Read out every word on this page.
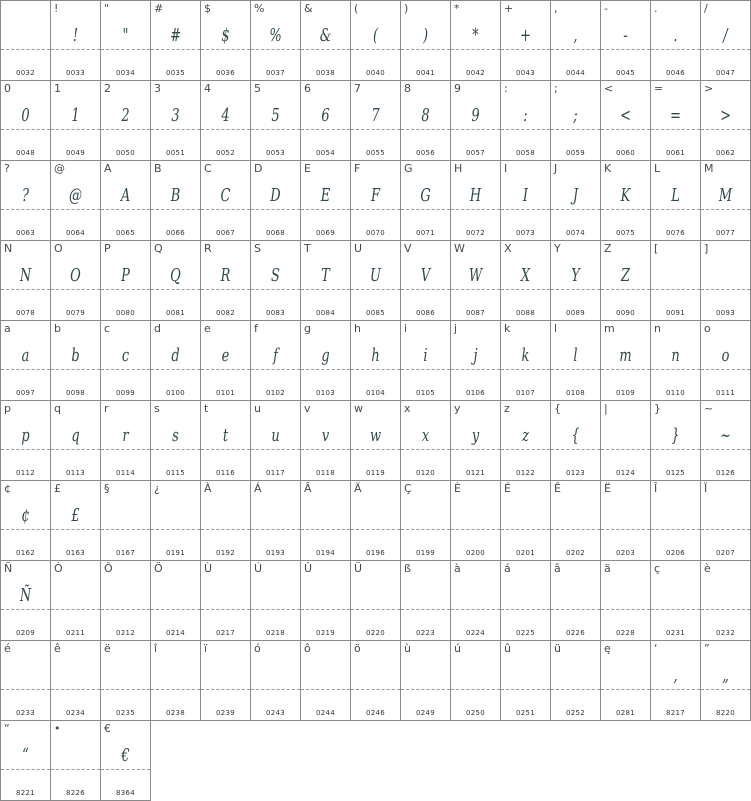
0032
!
!
0033
"
"
0034
#
#
0035
$
$
0036
%
%
0037
&
&
0038
(
(
0040
)
)
0041
*
*
0042
+
+
0043
,
,
0044
-
-
0045
.
.
0046
/
/
0047
0
0
0048
1
1
0049
2
2
0050
3
3
0051
4
4
0052
5
5
0053
6
6
0054
7
7
0055
8
8
0056
9
9
0057
:
:
0058
;
;
0059
<
<
0060
=
=
0061
>
>
0062
?
?
0063
@
@
0064
A
A
0065
B
B
0066
C
C
0067
D
D
0068
E
E
0069
F
F
0070
G
G
0071
H
H
0072
I
I
0073
J
J
0074
K
K
0075
L
L
0076
M
M
0077
N
N
0078
O
O
0079
P
P
0080
Q
Q
0081
R
R
0082
S
S
0083
T
T
0084
U
U
0085
V
V
0086
W
W
0087
X
X
0088
Y
Y
0089
Z
Z
0090
[
0091
]
0093
a
a
0097
b
b
0098
c
c
0099
d
d
0100
e
e
0101
f
f
0102
g
g
0103
h
h
0104
i
i
0105
j
j
0106
k
k
0107
l
l
0108
m
m
0109
n
n
0110
o
o
0111
p
p
0112
q
q
0113
r
r
0114
s
s
0115
t
t
0116
u
u
0117
v
v
0118
w
w
0119
x
x
0120
y
y
0121
z
z
0122
{
{
0123
|
0124
}
}
0125
~
~
0126
¢
¢
0162
£
£
0163
§
0167
¿
0191
À
0192
Á
0193
Â
0194
Ä
0196
Ç
0199
È
0200
É
0201
Ê
0202
Ë
0203
Î
0206
Ï
0207
Ñ
Ñ
0209
Ó
0211
Ô
0212
Ö
0214
Ù
0217
Ú
0218
Û
0219
Ü
0220
ß
0223
à
0224
á
0225
â
0226
ä
0228
ç
0231
è
0232
é
0233
ê
0234
ë
0235
î
0238
ï
0239
ó
0243
ô
0244
ö
0246
ù
0249
ú
0250
û
0251
ü
0252
ę
0281
‘
‚
8217
”
„
8220
“
“
8221
•
8226
€
€
8364
